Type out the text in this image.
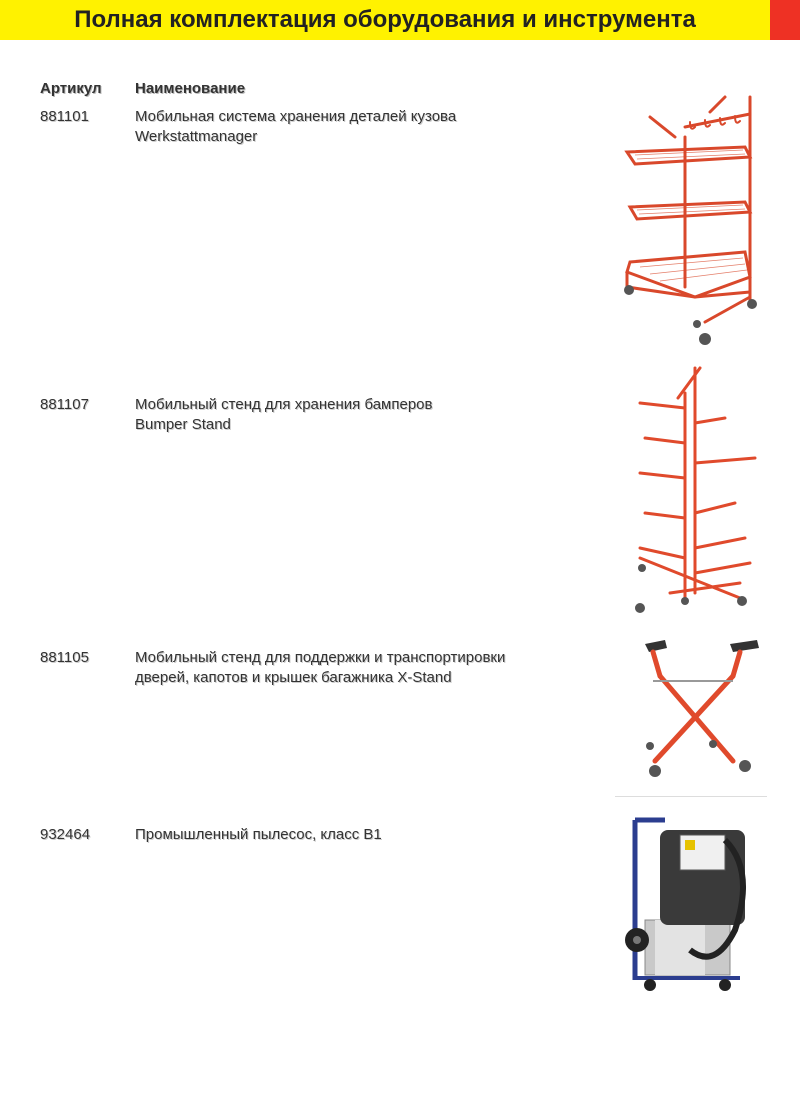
Полная комплектация оборудования и инструмента
Артикул Наименование
881101	Мобильная система хранения деталей кузова
Werkstattmanager
881107	Мобильный стенд для хранения бамперов
Bumper Stand
881105	Мобильный стенд для поддержки и транспортировки
дверей, капотов и крышек багажника X-Stand
932464	Промышленный пылесос, класс В1
